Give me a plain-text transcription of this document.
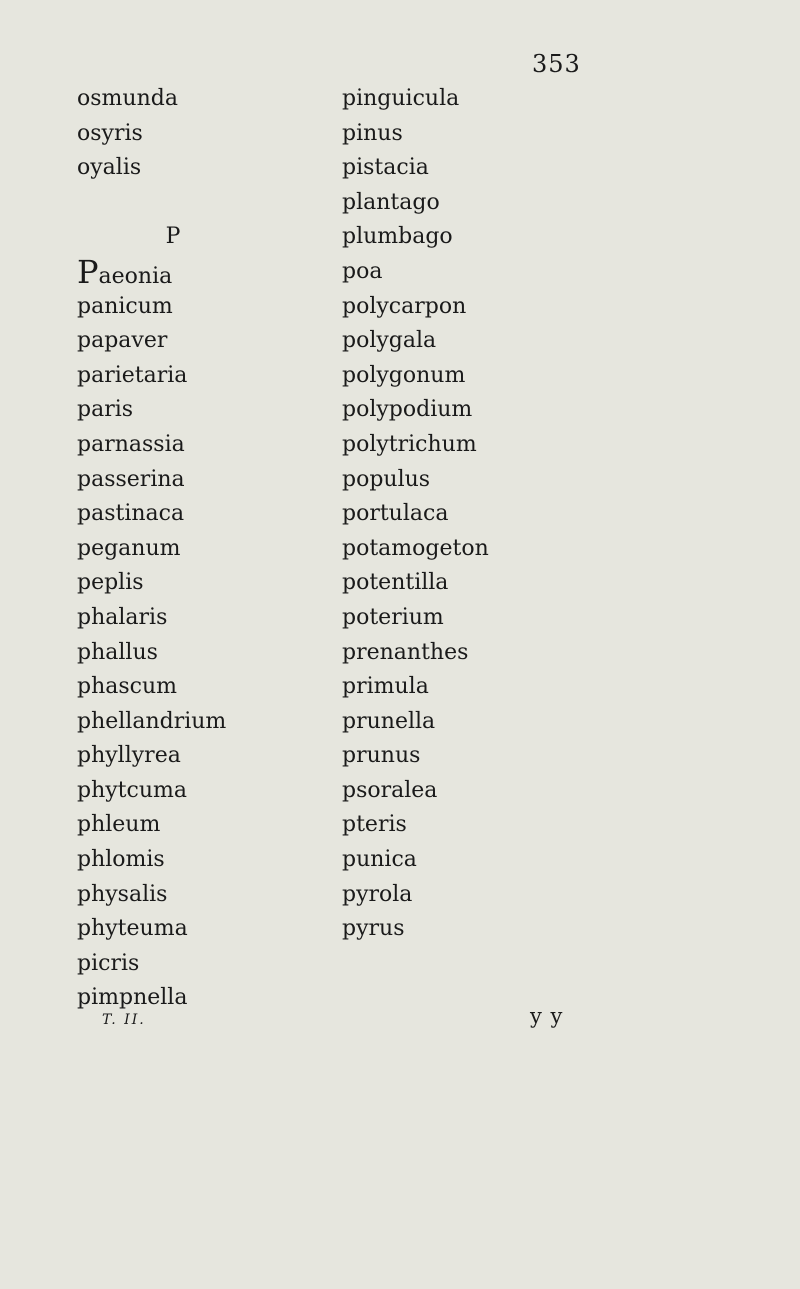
353
osmunda
osyris
oyalis
P
Paeonia
panicum
papaver
parietaria
paris
parnassia
passerina
pastinaca
peganum
peplis
phalaris
phallus
phascum
phellandrium
phyllyrea
phytcuma
phleum
phlomis
physalis
phyteuma
picris
pimpnella
pinguicula
pinus
pistacia
plantago
plumbago
poa
polycarpon
polygala
polygonum
polypodium
polytrichum
populus
portulaca
potamogeton
potentilla
poterium
prenanthes
primula
prunella
prunus
psoralea
pteris
punica
pyrola
pyrus
T. II.	y y
